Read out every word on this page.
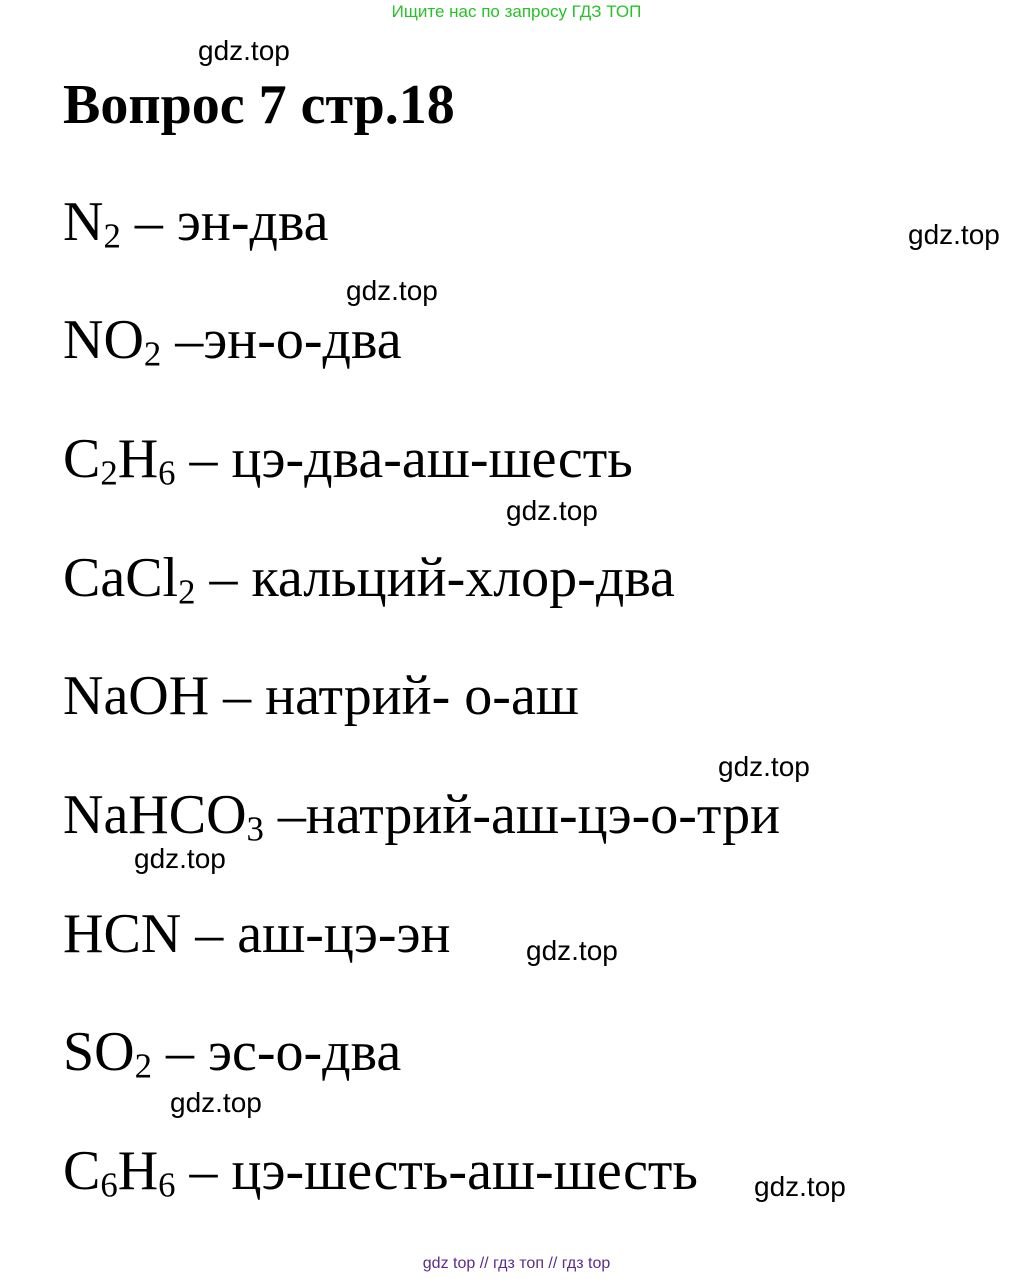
Ищите нас по запросу ГДЗ ТОП
Вопрос 7 стр.18
$N_2 - эн-два$
$NO_2$ –эн-о-два
$C_2H_6$ – цэ-два-аш-шесть
CaCl$_2$ – кальций-хлор-два
NaOH – натрий- о-аш
NaHCO$_3$ –натрий-аш-цэ-о-три
HCN – аш-цэ-эн
$SO_2 - эс-о-два$
$C_6H_6$ – цэ-шесть-аш-шесть
gdz.top
gdz.top
gdz.top
gdz.top
gdz.top
gdz.top
gdz.top
gdz.top
gdz.top
gdz top // гдз топ // гдз top
